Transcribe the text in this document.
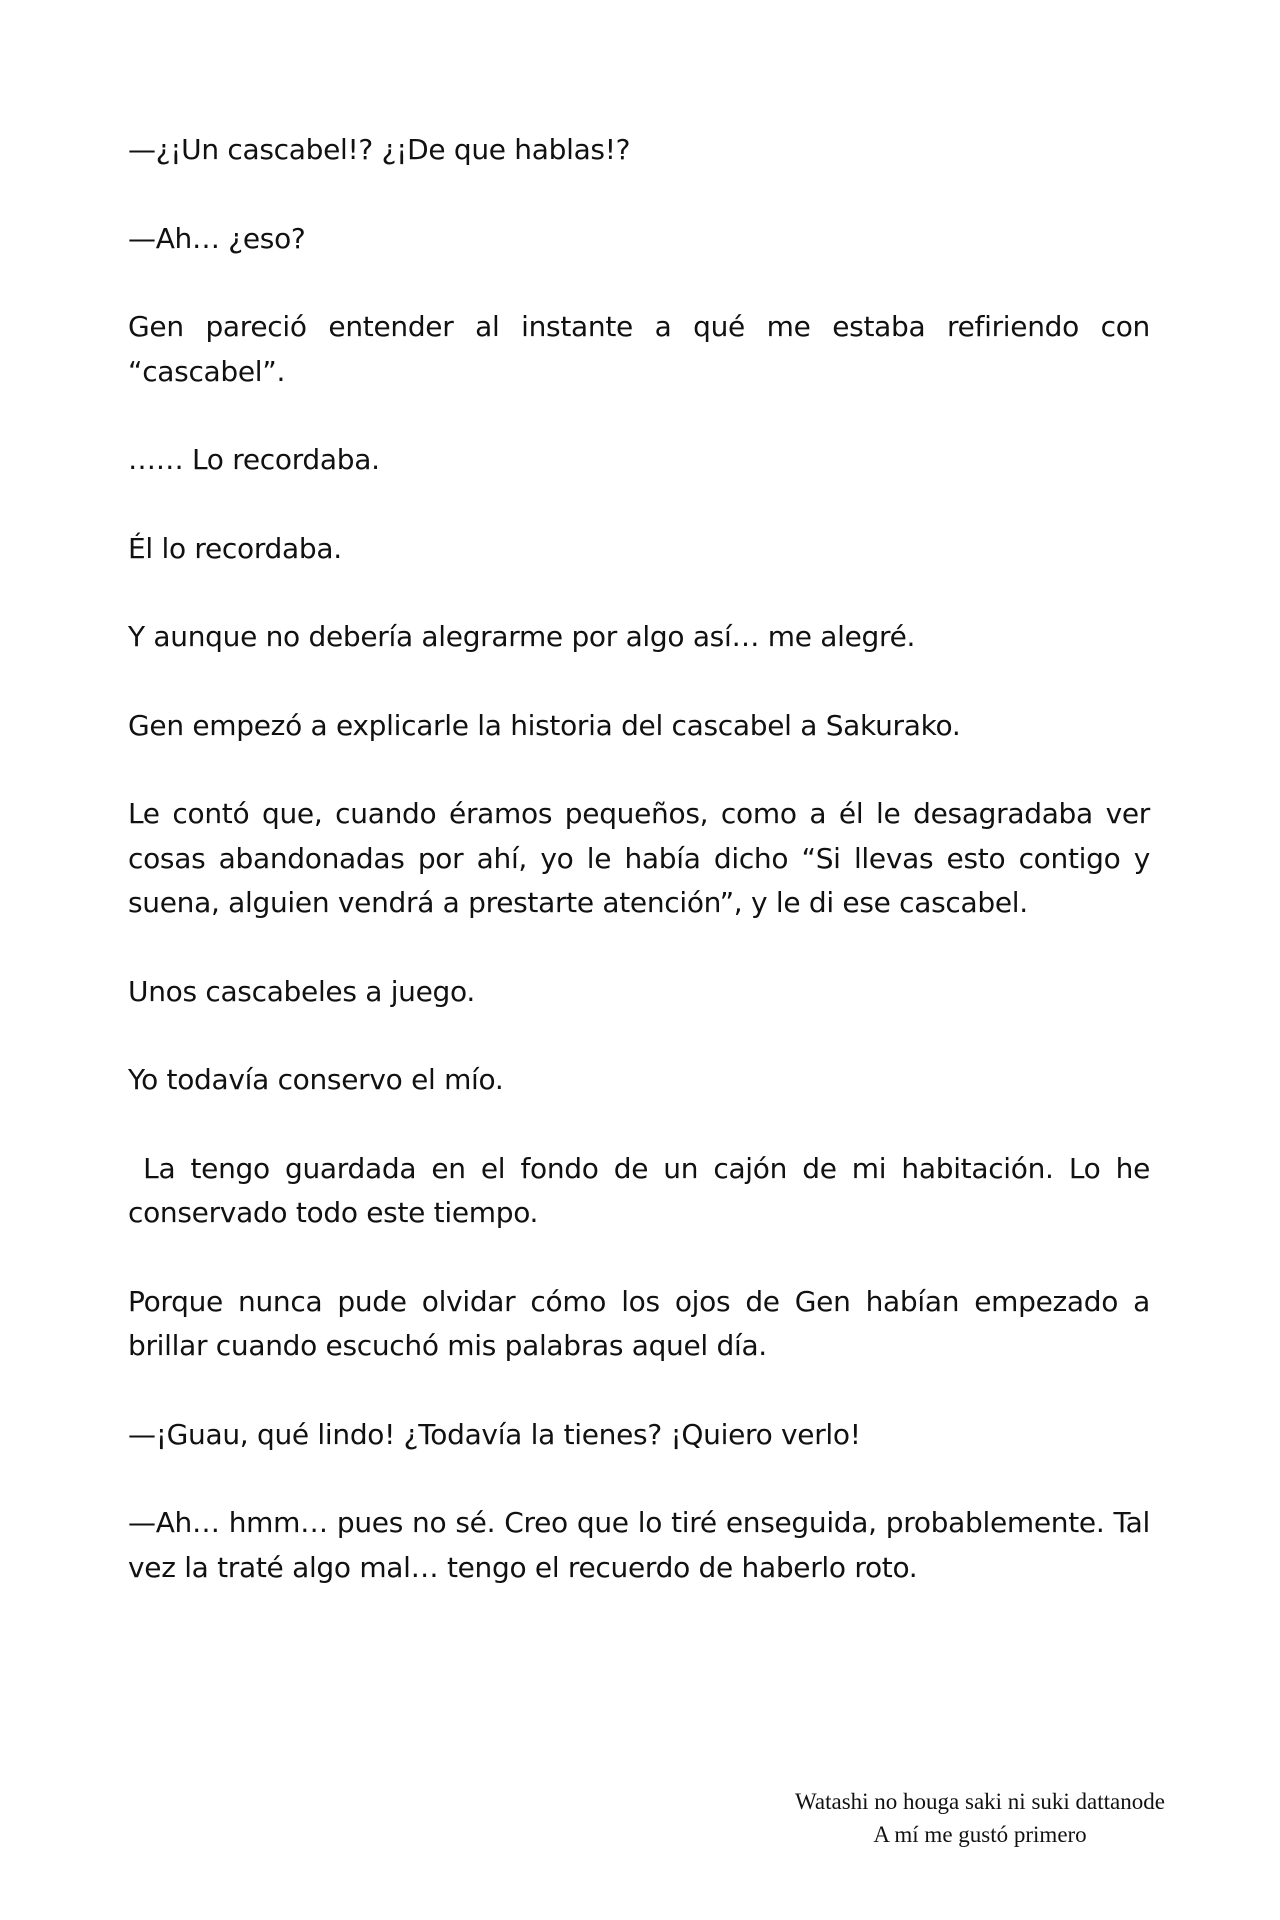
—¿¡Un cascabel!? ¿¡De que hablas!?

—Ah… ¿eso?

Gen pareció entender al instante a qué me estaba refiriendo con “cascabel”.

…… Lo recordaba.

Él lo recordaba.

Y aunque no debería alegrarme por algo así… me alegré.

Gen empezó a explicarle la historia del cascabel a Sakurako.

Le contó que, cuando éramos pequeños, como a él le desagradaba ver cosas abandonadas por ahí, yo le había dicho “Si llevas esto contigo y suena, alguien vendrá a prestarte atención”, y le di ese cascabel.

Unos cascabeles a juego.

Yo todavía conservo el mío.

La tengo guardada en el fondo de un cajón de mi habitación. Lo he conservado todo este tiempo.

Porque nunca pude olvidar cómo los ojos de Gen habían empezado a brillar cuando escuchó mis palabras aquel día.

—¡Guau, qué lindo! ¿Todavía la tienes? ¡Quiero verlo!

—Ah… hmm… pues no sé. Creo que lo tiré enseguida, probablemente. Tal vez la traté algo mal… tengo el recuerdo de haberlo roto.

Watashi no houga saki ni suki dattanode
A mí me gustó primero
